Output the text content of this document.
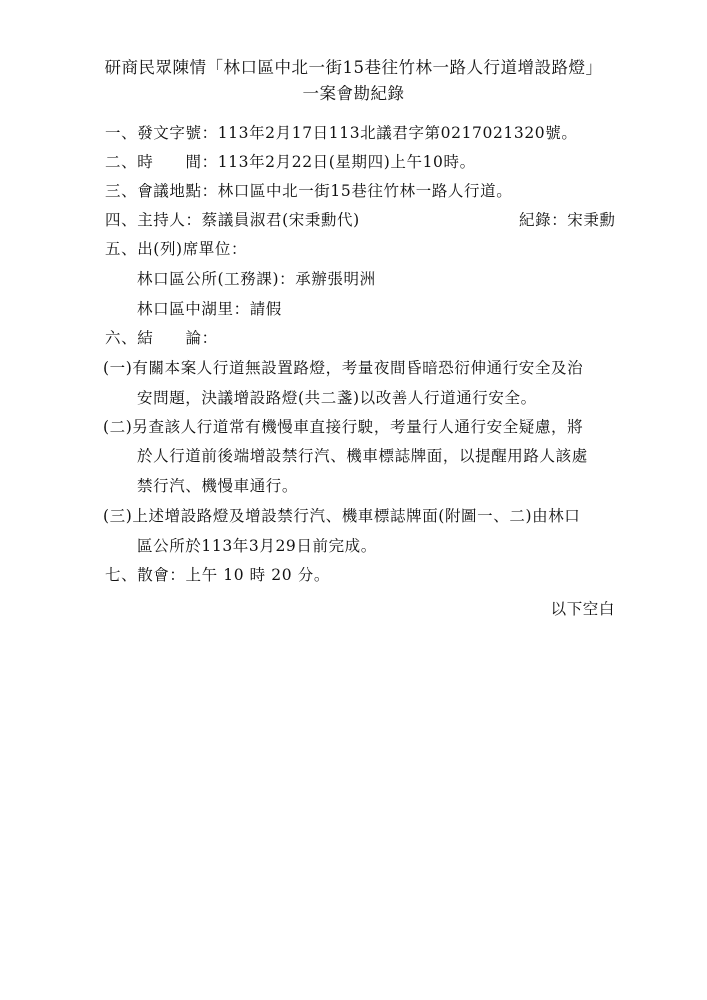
研商民眾陳情「林口區中北一街15巷往竹林一路人行道增設路燈」
一案會勘紀錄
一、發文字號：113年2月17日113北議君字第0217021320號。
二、時　　間：113年2月22日(星期四)上午10時。
三、會議地點：林口區中北一街15巷往竹林一路人行道。
四、主持人：蔡議員淑君(宋秉勳代)	紀錄：宋秉勳
五、出(列)席單位：
林口區公所(工務課)：承辦張明洲
林口區中湖里：請假
六、結　　論：
(一)有關本案人行道無設置路燈，考量夜間昏暗恐衍伸通行安全及治
安問題，決議增設路燈(共二盞)以改善人行道通行安全。
(二)另查該人行道常有機慢車直接行駛，考量行人通行安全疑慮，將
於人行道前後端增設禁行汽、機車標誌牌面，以提醒用路人該處
禁行汽、機慢車通行。
(三)上述增設路燈及增設禁行汽、機車標誌牌面(附圖一、二)由林口
區公所於113年3月29日前完成。
七、散會：上午 10 時 20 分。
以下空白
